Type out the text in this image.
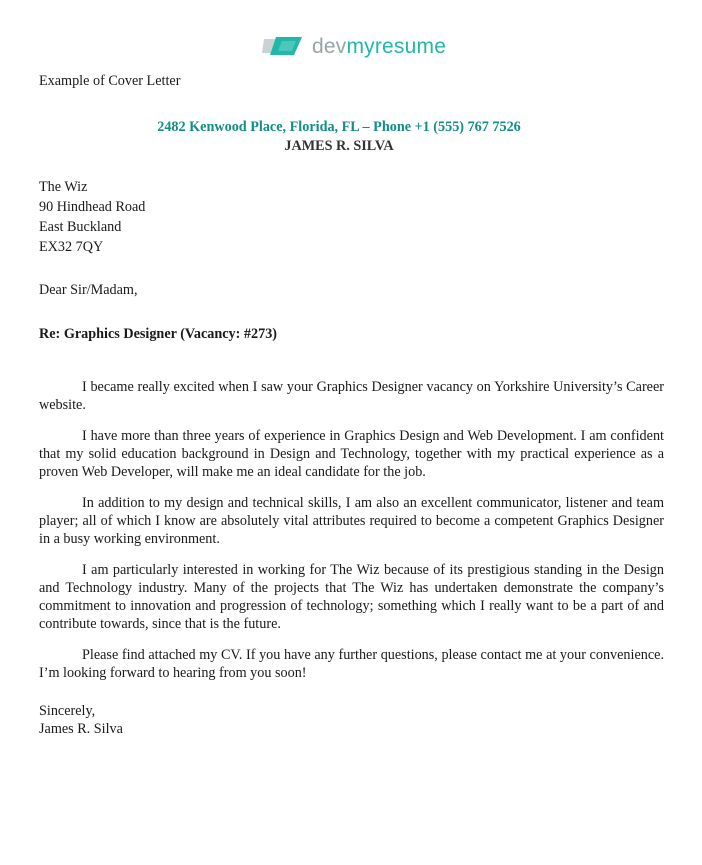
devmyresume
Example of Cover Letter
2482 Kenwood Place, Florida, FL – Phone +1 (555) 767 7526
JAMES R. SILVA
The Wiz
90 Hindhead Road
East Buckland
EX32 7QY
Dear Sir/Madam,
Re: Graphics Designer (Vacancy: #273)

I became really excited when I saw your Graphics Designer vacancy on Yorkshire University’s Career website.

I have more than three years of experience in Graphics Design and Web Development. I am confident that my solid education background in Design and Technology, together with my practical experience as a proven Web Developer, will make me an ideal candidate for the job.

In addition to my design and technical skills, I am also an excellent communicator, listener and team player; all of which I know are absolutely vital attributes required to become a competent Graphics Designer in a busy working environment.

I am particularly interested in working for The Wiz because of its prestigious standing in the Design and Technology industry. Many of the projects that The Wiz has undertaken demonstrate the company’s commitment to innovation and progression of technology; something which I really want to be a part of and contribute towards, since that is the future.

Please find attached my CV. If you have any further questions, please contact me at your convenience. I’m looking forward to hearing from you soon!

Sincerely,
James R. Silva
